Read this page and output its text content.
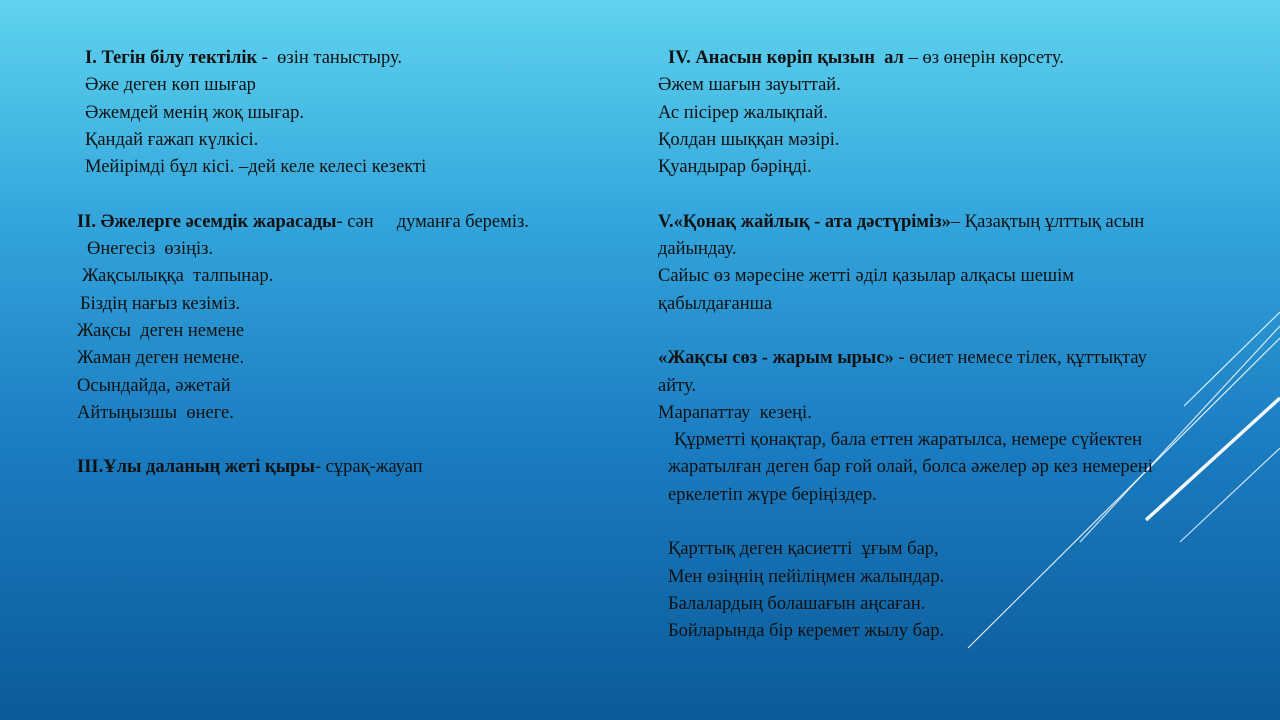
І. Тегін білу тектілік -  өзін таныстыру.

Әже деген көп шығар

Әжемдей менің жоқ шығар.

Қандай ғажап күлкісі.

Мейірімді бұл кісі. –дей келе келесі кезекті

ІІ. Әжелерге әсемдік жарасады- сән     думанға береміз.

Өнегесіз  өзіңіз.

Жақсылыққа  талпынар.

Біздің нағыз кезіміз.

Жақсы  деген немене

Жаман деген немене.

Осындайда, әжетай

Айтыңызшы  өнеге.

ІІІ.Ұлы даланың жеті қыры- сұрақ-жауап

IV. Анасын көріп қызын  ал – өз өнерін көрсету.

Әжем шағын зауыттай.

Ас пісірер жалықпай.

Қолдан шыққан мәзірі.

Қуандырар бәріңді.

V.«Қонақ жайлық - ата дәстүріміз»– Қазақтың ұлттық асын дайындау.

Сайыс өз мәресіне жетті әділ қазылар алқасы шешім қабылдағанша

«Жақсы сөз - жарым ырыс» - өсиет немесе тілек, құттықтау айту.

Марапаттау  кезеңі.

Құрметті қонақтар, бала еттен жаратылса, немере сүйектен жаратылған деген бар ғой олай, болса әжелер әр кез немерені еркелетіп жүре беріңіздер.

Қарттық деген қасиетті  ұғым бар,

Мен өзіңнің пейіліңмен жалындар.

Балалардың болашағын аңсаған.

Бойларында бір керемет жылу бар.
